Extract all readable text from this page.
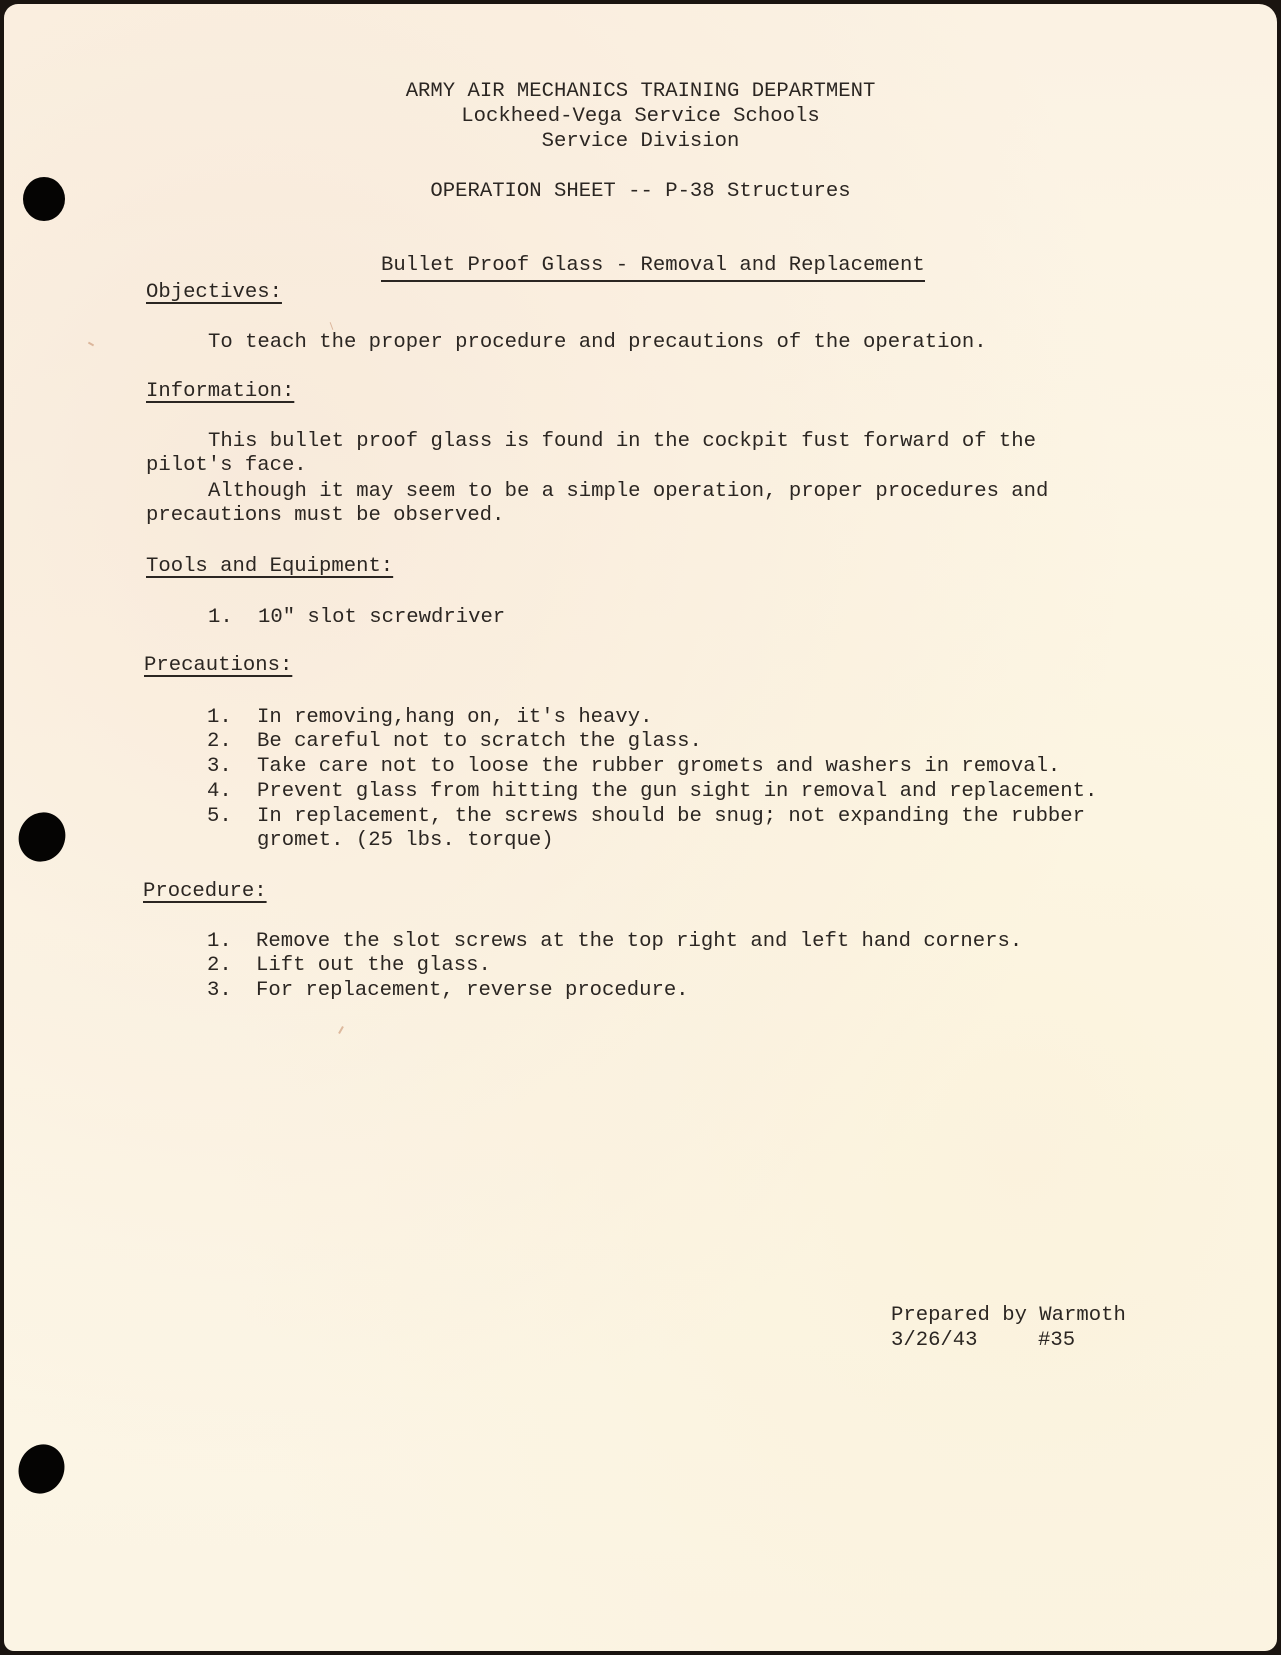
ARMY AIR MECHANICS TRAINING DEPARTMENT
Lockheed-Vega Service Schools
Service Division
OPERATION SHEET -- P-38 Structures

Bullet Proof Glass - Removal and Replacement

Objectives:
To teach the proper procedure and precautions of the operation.
Information:
This bullet proof glass is found in the cockpit fust forward of the
pilot's face.
Although it may seem to be a simple operation, proper procedures and
precautions must be observed.
Tools and Equipment:
1. 10" slot screwdriver
Precautions:
1. In removing,hang on, it's heavy.
2. Be careful not to scratch the glass.
3. Take care not to loose the rubber gromets and washers in removal.
4. Prevent glass from hitting the gun sight in removal and replacement.
5. In replacement, the screws should be snug; not expanding the rubber
gromet. (25 lbs. torque)
Procedure:
1. Remove the slot screws at the top right and left hand corners.
2. Lift out the glass.
3. For replacement, reverse procedure.
Prepared by Warmoth
3/26/43	#35
